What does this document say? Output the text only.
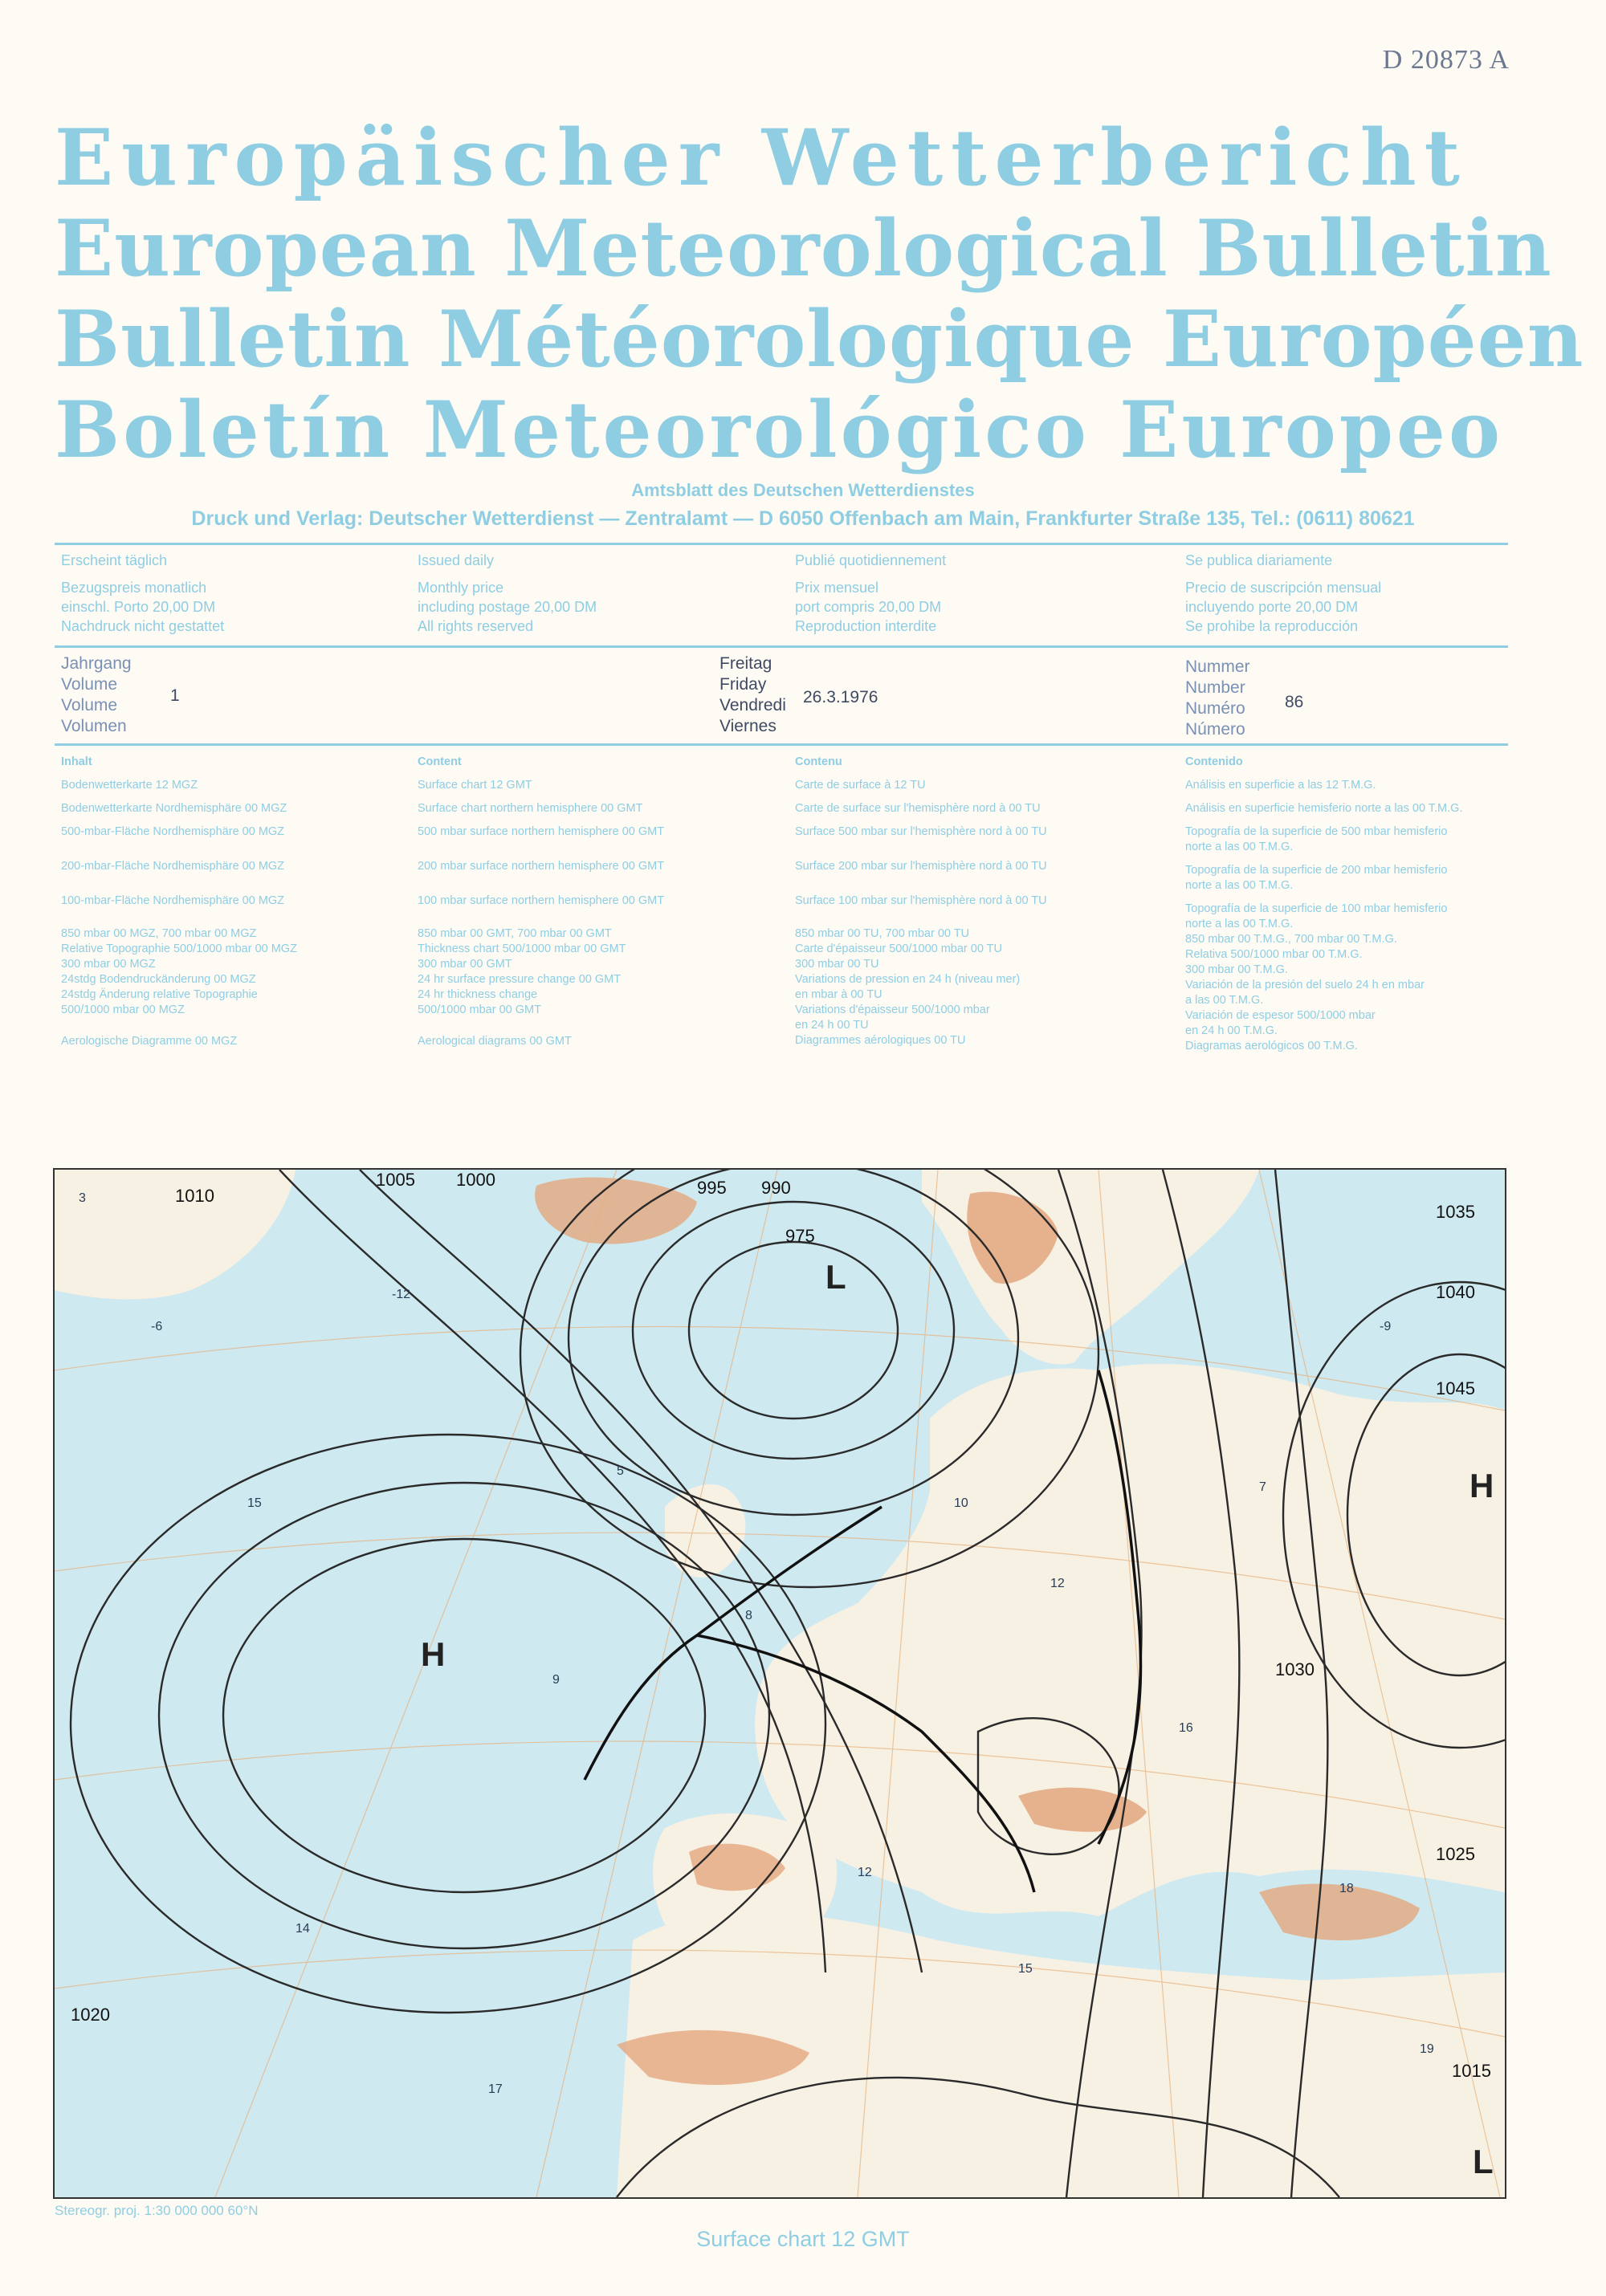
D 20873 A
Europäischer Wetterbericht
European Meteorological Bulletin
Bulletin Météorologique Européen
Boletín Meteorológico Europeo
Amtsblatt des Deutschen Wetterdienstes
Druck und Verlag: Deutscher Wetterdienst — Zentralamt — D 6050 Offenbach am Main, Frankfurter Straße 135, Tel.: (0611) 80621
Erscheint täglich
Bezugspreis monatlich
einschl. Porto 20,00 DM
Nachdruck nicht gestattet
Issued daily
Monthly price
including postage 20,00 DM
All rights reserved
Publié quotidiennement
Prix mensuel
port compris 20,00 DM
Reproduction interdite
Se publica diariamente
Precio de suscripción mensual
incluyendo porte 20,00 DM
Se prohibe la reproducción
Jahrgang
Volume
Volume
Volumen
1
Freitag
Friday
Vendredi
Viernes
26.3.1976
Nummer
Number
Numéro
Número
86
Inhalt
Bodenwetterkarte 12 MGZ
Bodenwetterkarte Nordhemisphäre 00 MGZ
500-mbar-Fläche Nordhemisphäre 00 MGZ
200-mbar-Fläche Nordhemisphäre 00 MGZ
100-mbar-Fläche Nordhemisphäre 00 MGZ
850 mbar 00 MGZ, 700 mbar 00 MGZ
Relative Topographie 500/1000 mbar 00 MGZ
300 mbar 00 MGZ
24stdg Bodendruckänderung 00 MGZ
24stdg Änderung relative Topographie
500/1000 mbar 00 MGZ
Aerologische Diagramme 00 MGZ
Content
Surface chart 12 GMT
Surface chart northern hemisphere 00 GMT
500 mbar surface northern hemisphere 00 GMT
200 mbar surface northern hemisphere 00 GMT
100 mbar surface northern hemisphere 00 GMT
850 mbar 00 GMT, 700 mbar 00 GMT
Thickness chart 500/1000 mbar 00 GMT
300 mbar 00 GMT
24 hr surface pressure change 00 GMT
24 hr thickness change
500/1000 mbar 00 GMT
Aerological diagrams 00 GMT
Contenu
Carte de surface à 12 TU
Carte de surface sur l'hemisphère nord à 00 TU
Surface 500 mbar sur l'hemisphère nord à 00 TU
Surface 200 mbar sur l'hemisphère nord à 00 TU
Surface 100 mbar sur l'hemisphère nord à 00 TU
850 mbar 00 TU, 700 mbar 00 TU
Carte d'épaisseur 500/1000 mbar 00 TU
300 mbar 00 TU
Variations de pression en 24 h (niveau mer)
en mbar à 00 TU
Variations d'épaisseur 500/1000 mbar
en 24 h 00 TU
Diagrammes aérologiques 00 TU
Contenido
Análisis en superficie a las 12 T.M.G.
Análisis en superficie hemisferio norte a las 00 T.M.G.
Topografía de la superficie de 500 mbar hemisferio
norte a las 00 T.M.G.
Topografía de la superficie de 200 mbar hemisferio
norte a las 00 T.M.G.
Topografía de la superficie de 100 mbar hemisferio
norte a las 00 T.M.G.
850 mbar 00 T.M.G., 700 mbar 00 T.M.G.
Relativa 500/1000 mbar 00 T.M.G.
300 mbar 00 T.M.G.
Variación de la presión del suelo 24 h en mbar
a las 00 T.M.G.
Variación de espesor 500/1000 mbar
en 24 h 00 T.M.G.
Diagramas aerológicos 00 T.M.G.
3
-6
15
-12
5
8
10
12
16
18
19
15
17
14
-9
12
7
9
990
1035
1030
1025
1020
1015
1010
1005 1000	995
975
1040
1045
H
L
H
L
Stereogr. proj. 1:30 000 000 60°N
Surface chart 12 GMT
